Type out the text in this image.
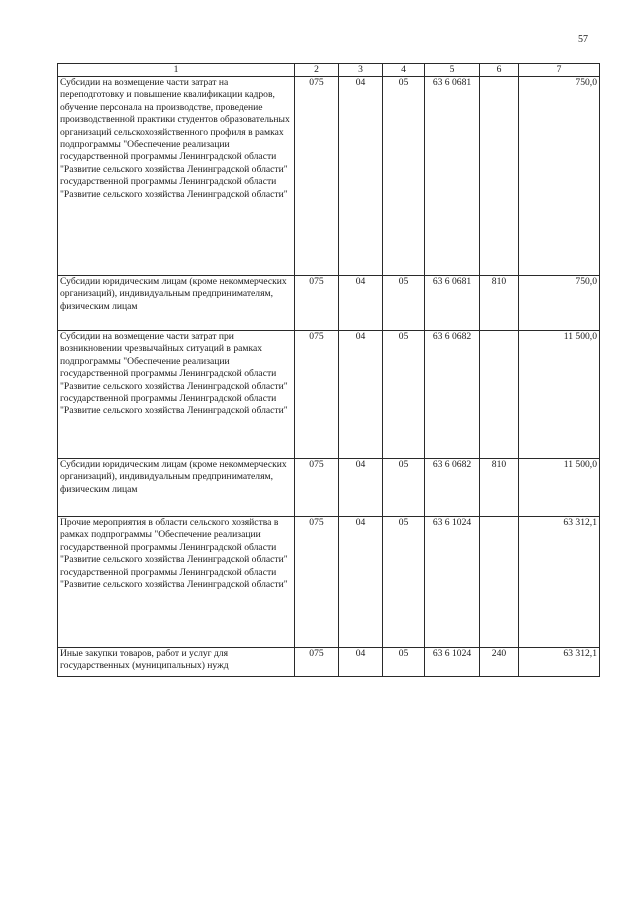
57
1	2	3	4	5	6	7
Субсидии на возмещение части затрат на переподготовку и повышение квалификации кадров, обучение персонала на производстве, проведение производственной практики студентов образовательных организаций сельскохозяйственного профиля в рамках подпрограммы "Обеспечение реализации государственной программы Ленинградской области "Развитие сельского хозяйства Ленинградской области" государственной программы Ленинградской области "Развитие сельского хозяйства Ленинградской области"	075	04	05	63 6 0681		750,0
Субсидии юридическим лицам (кроме некоммерческих организаций), индивидуальным предпринимателям, физическим лицам	075	04	05	63 6 0681	810	750,0
Субсидии на возмещение части затрат при возникновении чрезвычайных ситуаций в рамках подпрограммы "Обеспечение реализации государственной программы Ленинградской области "Развитие сельского хозяйства Ленинградской области" государственной программы Ленинградской области "Развитие сельского хозяйства Ленинградской области"	075	04	05	63 6 0682		11 500,0
Субсидии юридическим лицам (кроме некоммерческих организаций), индивидуальным предпринимателям, физическим лицам	075	04	05	63 6 0682	810	11 500,0
Прочие мероприятия в области сельского хозяйства в рамках подпрограммы "Обеспечение реализации государственной программы Ленинградской области "Развитие сельского хозяйства Ленинградской области" государственной программы Ленинградской области "Развитие сельского хозяйства Ленинградской области"	075	04	05	63 6 1024		63 312,1
Иные закупки товаров, работ и услуг для государственных (муниципальных) нужд	075	04	05	63 6 1024	240	63 312,1
